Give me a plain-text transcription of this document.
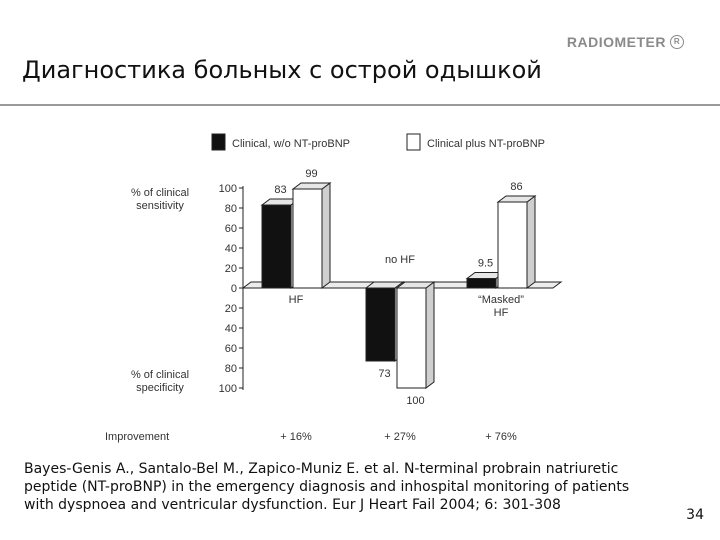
RADIOMETER R
Диагностика больных с острой одышкой
0
20
40
60
80
100
20
40
60
80
100
% of clinical
sensitivity
% of clinical
specificity
Clinical, w/o NT-proBNP	Clinical plus NT-proBNP
83
99
HF
+ 16%
73
100
no HF
+ 27%
9.5
86
“Masked”
HF
+ 76%
Improvement
Bayes-Genis A., Santalo-Bel M., Zapico-Muniz E. et al. N-terminal probrain natriuretic peptide (NT-proBNP) in the emergency diagnosis and inhospital monitoring of patients with dyspnoea and ventricular dysfunction. Eur J Heart Fail 2004; 6: 301-308
34
